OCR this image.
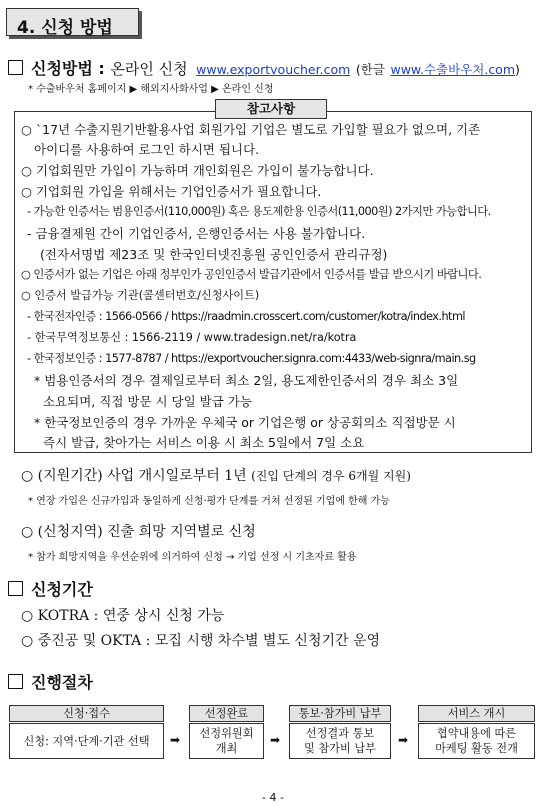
4. 신청 방법
신청방법 : 온라인 신청 www.exportvoucher.com (한글 www.수출바우처.com)
* 수출바우처 홈페이지 ▶ 해외지사화사업 ▶ 온라인 신청
참고사항
○ `17년 수출지원기반활용사업 회원가입 기업은 별도로 가입할 필요가 없으며, 기존
아이디를 사용하여 로그인 하시면 됩니다.
○ 기업회원만 가입이 가능하며 개인회원은 가입이 불가능합니다.
○ 기업회원 가입을 위해서는 기업인증서가 필요합니다.
- 가능한 인증서는 범용인증서(110,000원) 혹은 용도제한용 인증서(11,000원) 2가지만 가능합니다.
- 금융결제원 간이 기업인증서, 은행인증서는 사용 불가합니다.
(전자서명법 제23조 및 한국인터넷진흥원 공인인증서 관리규정)
○ 인증서가 없는 기업은 아래 정부인가 공인인증서 발급기관에서 인증서를 발급 받으시기 바랍니다.
○ 인증서 발급가능 기관(콜센터번호/신청사이트)
- 한국전자인증 : 1566-0566 / https://raadmin.crosscert.com/customer/kotra/index.html
- 한국무역정보통신 : 1566-2119 / www.tradesign.net/ra/kotra
- 한국정보인증 : 1577-8787 / https://exportvoucher.signra.com:4433/web-signra/main.sg
* 범용인증서의 경우 결제일로부터 최소 2일, 용도제한인증서의 경우 최소 3일
소요되며, 직접 방문 시 당일 발급 가능
* 한국정보인증의 경우 가까운 우체국 or 기업은행 or 상공회의소 직접방문 시
즉시 발급, 찾아가는 서비스 이용 시 최소 5일에서 7일 소요
○ (지원기간) 사업 개시일로부터 1년 (진입 단계의 경우 6개월 지원)
* 연장 가입은 신규가입과 동일하게 신청·평가 단계를 거쳐 선정된 기업에 한해 가능
○ (신청지역) 진출 희망 지역별로 신청
* 참가 희망지역을 우선순위에 의거하여 신청 → 기업 선정 시 기초자료 활용
신청기간
○ KOTRA : 연중 상시 신청 가능
○ 중진공 및 OKTA : 모집 시행 차수별 별도 신청기간 운영
진행절차
신청·접수
신청: 지역·단계·기관 선택 ➡
선정완료
선정위원회
개최
➡
통보·참가비 납부
선정결과 통보
및 참가비 납부
➡
서비스 개시
협약내용에 따른
마케팅 활동 전개
- 4 -
